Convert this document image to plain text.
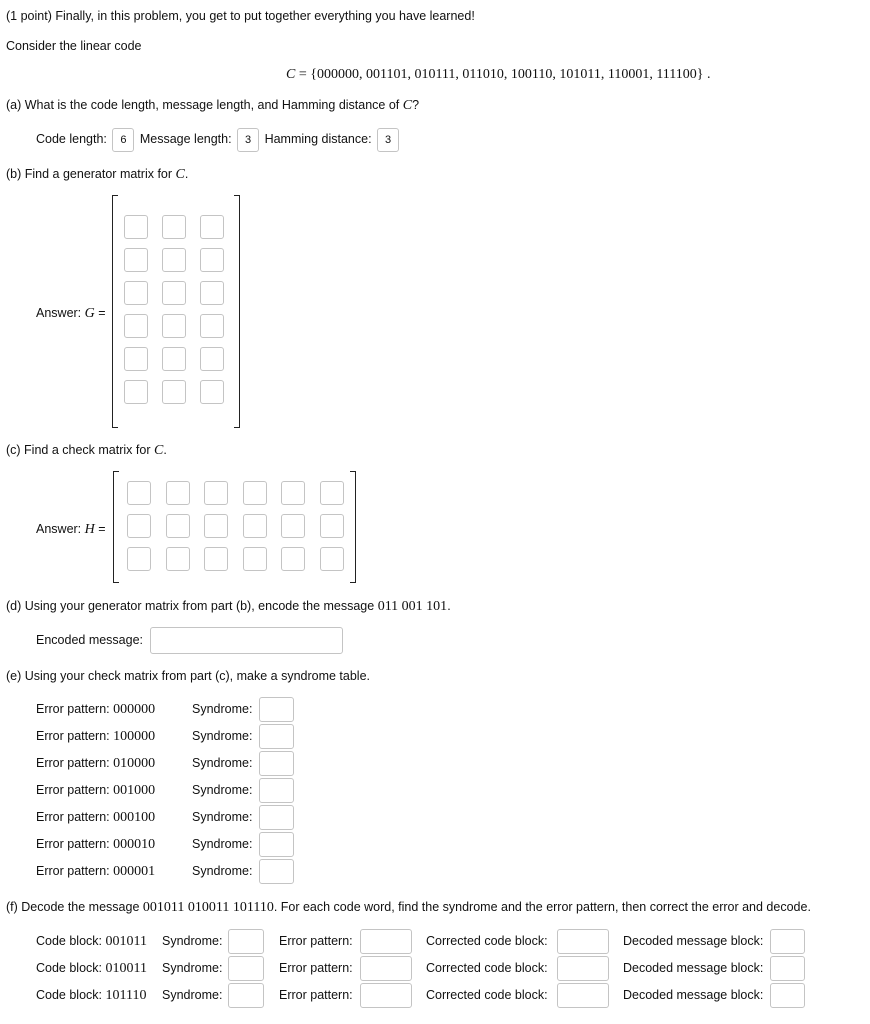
(1 point) Finally, in this problem, you get to put together everything you have learned!
Consider the linear code
C = {000000, 001101, 010111, 011010, 100110, 101011, 110001, 111100} .
(a) What is the code length, message length, and Hamming distance of C?
Code length: 6 Message length: 3 Hamming distance: 3
(b) Find a generator matrix for C.
Answer: G =
(c) Find a check matrix for C.
Answer: H =
(d) Using your generator matrix from part (b), encode the message 011 001 101.
Encoded message:
(e) Using your check matrix from part (c), make a syndrome table.
Error pattern: 000000	Syndrome:
Error pattern: 100000	Syndrome:
Error pattern: 010000	Syndrome:
Error pattern: 001000	Syndrome:
Error pattern: 000100	Syndrome:
Error pattern: 000010	Syndrome:
Error pattern: 000001	Syndrome:
(f) Decode the message 001011 010011 101110. For each code word, find the syndrome and the error pattern, then correct the error and decode.
Code block: 001011 Syndrome:	Error pattern:	Corrected code block:	Decoded message block:
Code block: 010011 Syndrome:	Error pattern:	Corrected code block:	Decoded message block:
Code block: 101110 Syndrome:	Error pattern:	Corrected code block:	Decoded message block:
